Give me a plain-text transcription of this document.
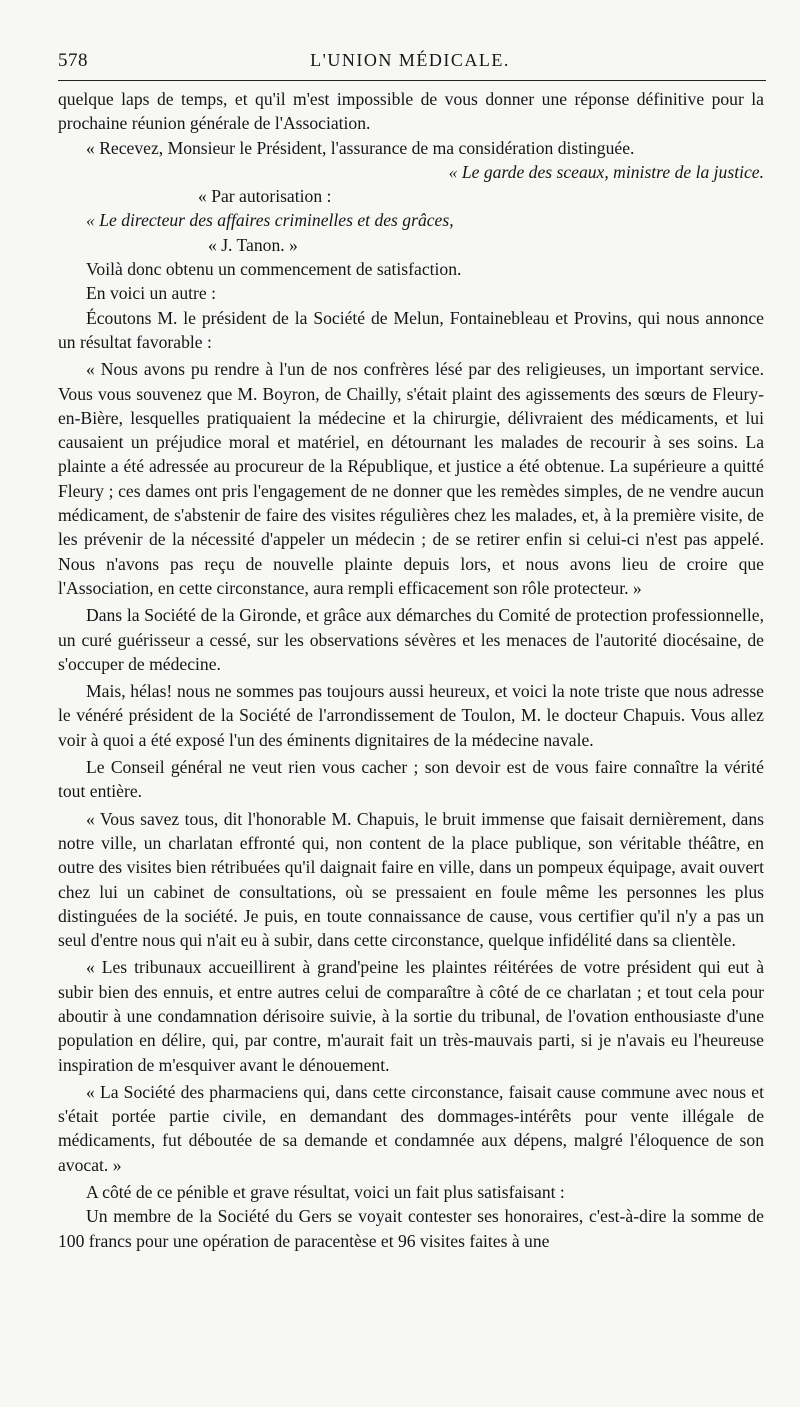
578	L'UNION MÉDICALE.

quelque laps de temps, et qu'il m'est impossible de vous donner une réponse définitive pour la prochaine réunion générale de l'Association.

« Recevez, Monsieur le Président, l'assurance de ma considération distinguée.

« Le garde des sceaux, ministre de la justice.

« Par autorisation :

« Le directeur des affaires criminelles et des grâces,

« J. Tanon. »

Voilà donc obtenu un commencement de satisfaction.

En voici un autre :

Écoutons M. le président de la Société de Melun, Fontainebleau et Provins, qui nous annonce un résultat favorable :

« Nous avons pu rendre à l'un de nos confrères lésé par des religieuses, un important service. Vous vous souvenez que M. Boyron, de Chailly, s'était plaint des agissements des sœurs de Fleury-en-Bière, lesquelles pratiquaient la médecine et la chirurgie, délivraient des médicaments, et lui causaient un préjudice moral et matériel, en détournant les malades de recourir à ses soins. La plainte a été adressée au procureur de la République, et justice a été obtenue. La supérieure a quitté Fleury ; ces dames ont pris l'engagement de ne donner que les remèdes simples, de ne vendre aucun médicament, de s'abstenir de faire des visites régulières chez les malades, et, à la première visite, de les prévenir de la nécessité d'appeler un médecin ; de se retirer enfin si celui-ci n'est pas appelé. Nous n'avons pas reçu de nouvelle plainte depuis lors, et nous avons lieu de croire que l'Association, en cette circonstance, aura rempli efficacement son rôle protecteur. »

Dans la Société de la Gironde, et grâce aux démarches du Comité de protection professionnelle, un curé guérisseur a cessé, sur les observations sévères et les menaces de l'autorité diocésaine, de s'occuper de médecine.

Mais, hélas! nous ne sommes pas toujours aussi heureux, et voici la note triste que nous adresse le vénéré président de la Société de l'arrondissement de Toulon, M. le docteur Chapuis. Vous allez voir à quoi a été exposé l'un des éminents dignitaires de la médecine navale.

Le Conseil général ne veut rien vous cacher ; son devoir est de vous faire connaître la vérité tout entière.

« Vous savez tous, dit l'honorable M. Chapuis, le bruit immense que faisait dernièrement, dans notre ville, un charlatan effronté qui, non content de la place publique, son véritable théâtre, en outre des visites bien rétribuées qu'il daignait faire en ville, dans un pompeux équipage, avait ouvert chez lui un cabinet de consultations, où se pressaient en foule même les personnes les plus distinguées de la société. Je puis, en toute connaissance de cause, vous certifier qu'il n'y a pas un seul d'entre nous qui n'ait eu à subir, dans cette circonstance, quelque infidélité dans sa clientèle.

« Les tribunaux accueillirent à grand'peine les plaintes réitérées de votre président qui eut à subir bien des ennuis, et entre autres celui de comparaître à côté de ce charlatan ; et tout cela pour aboutir à une condamnation dérisoire suivie, à la sortie du tribunal, de l'ovation enthousiaste d'une population en délire, qui, par contre, m'aurait fait un très-mauvais parti, si je n'avais eu l'heureuse inspiration de m'esquiver avant le dénouement.

« La Société des pharmaciens qui, dans cette circonstance, faisait cause commune avec nous et s'était portée partie civile, en demandant des dommages-intérêts pour vente illégale de médicaments, fut déboutée de sa demande et condamnée aux dépens, malgré l'éloquence de son avocat. »

A côté de ce pénible et grave résultat, voici un fait plus satisfaisant :

Un membre de la Société du Gers se voyait contester ses honoraires, c'est-à-dire la somme de 100 francs pour une opération de paracentèse et 96 visites faites à une
